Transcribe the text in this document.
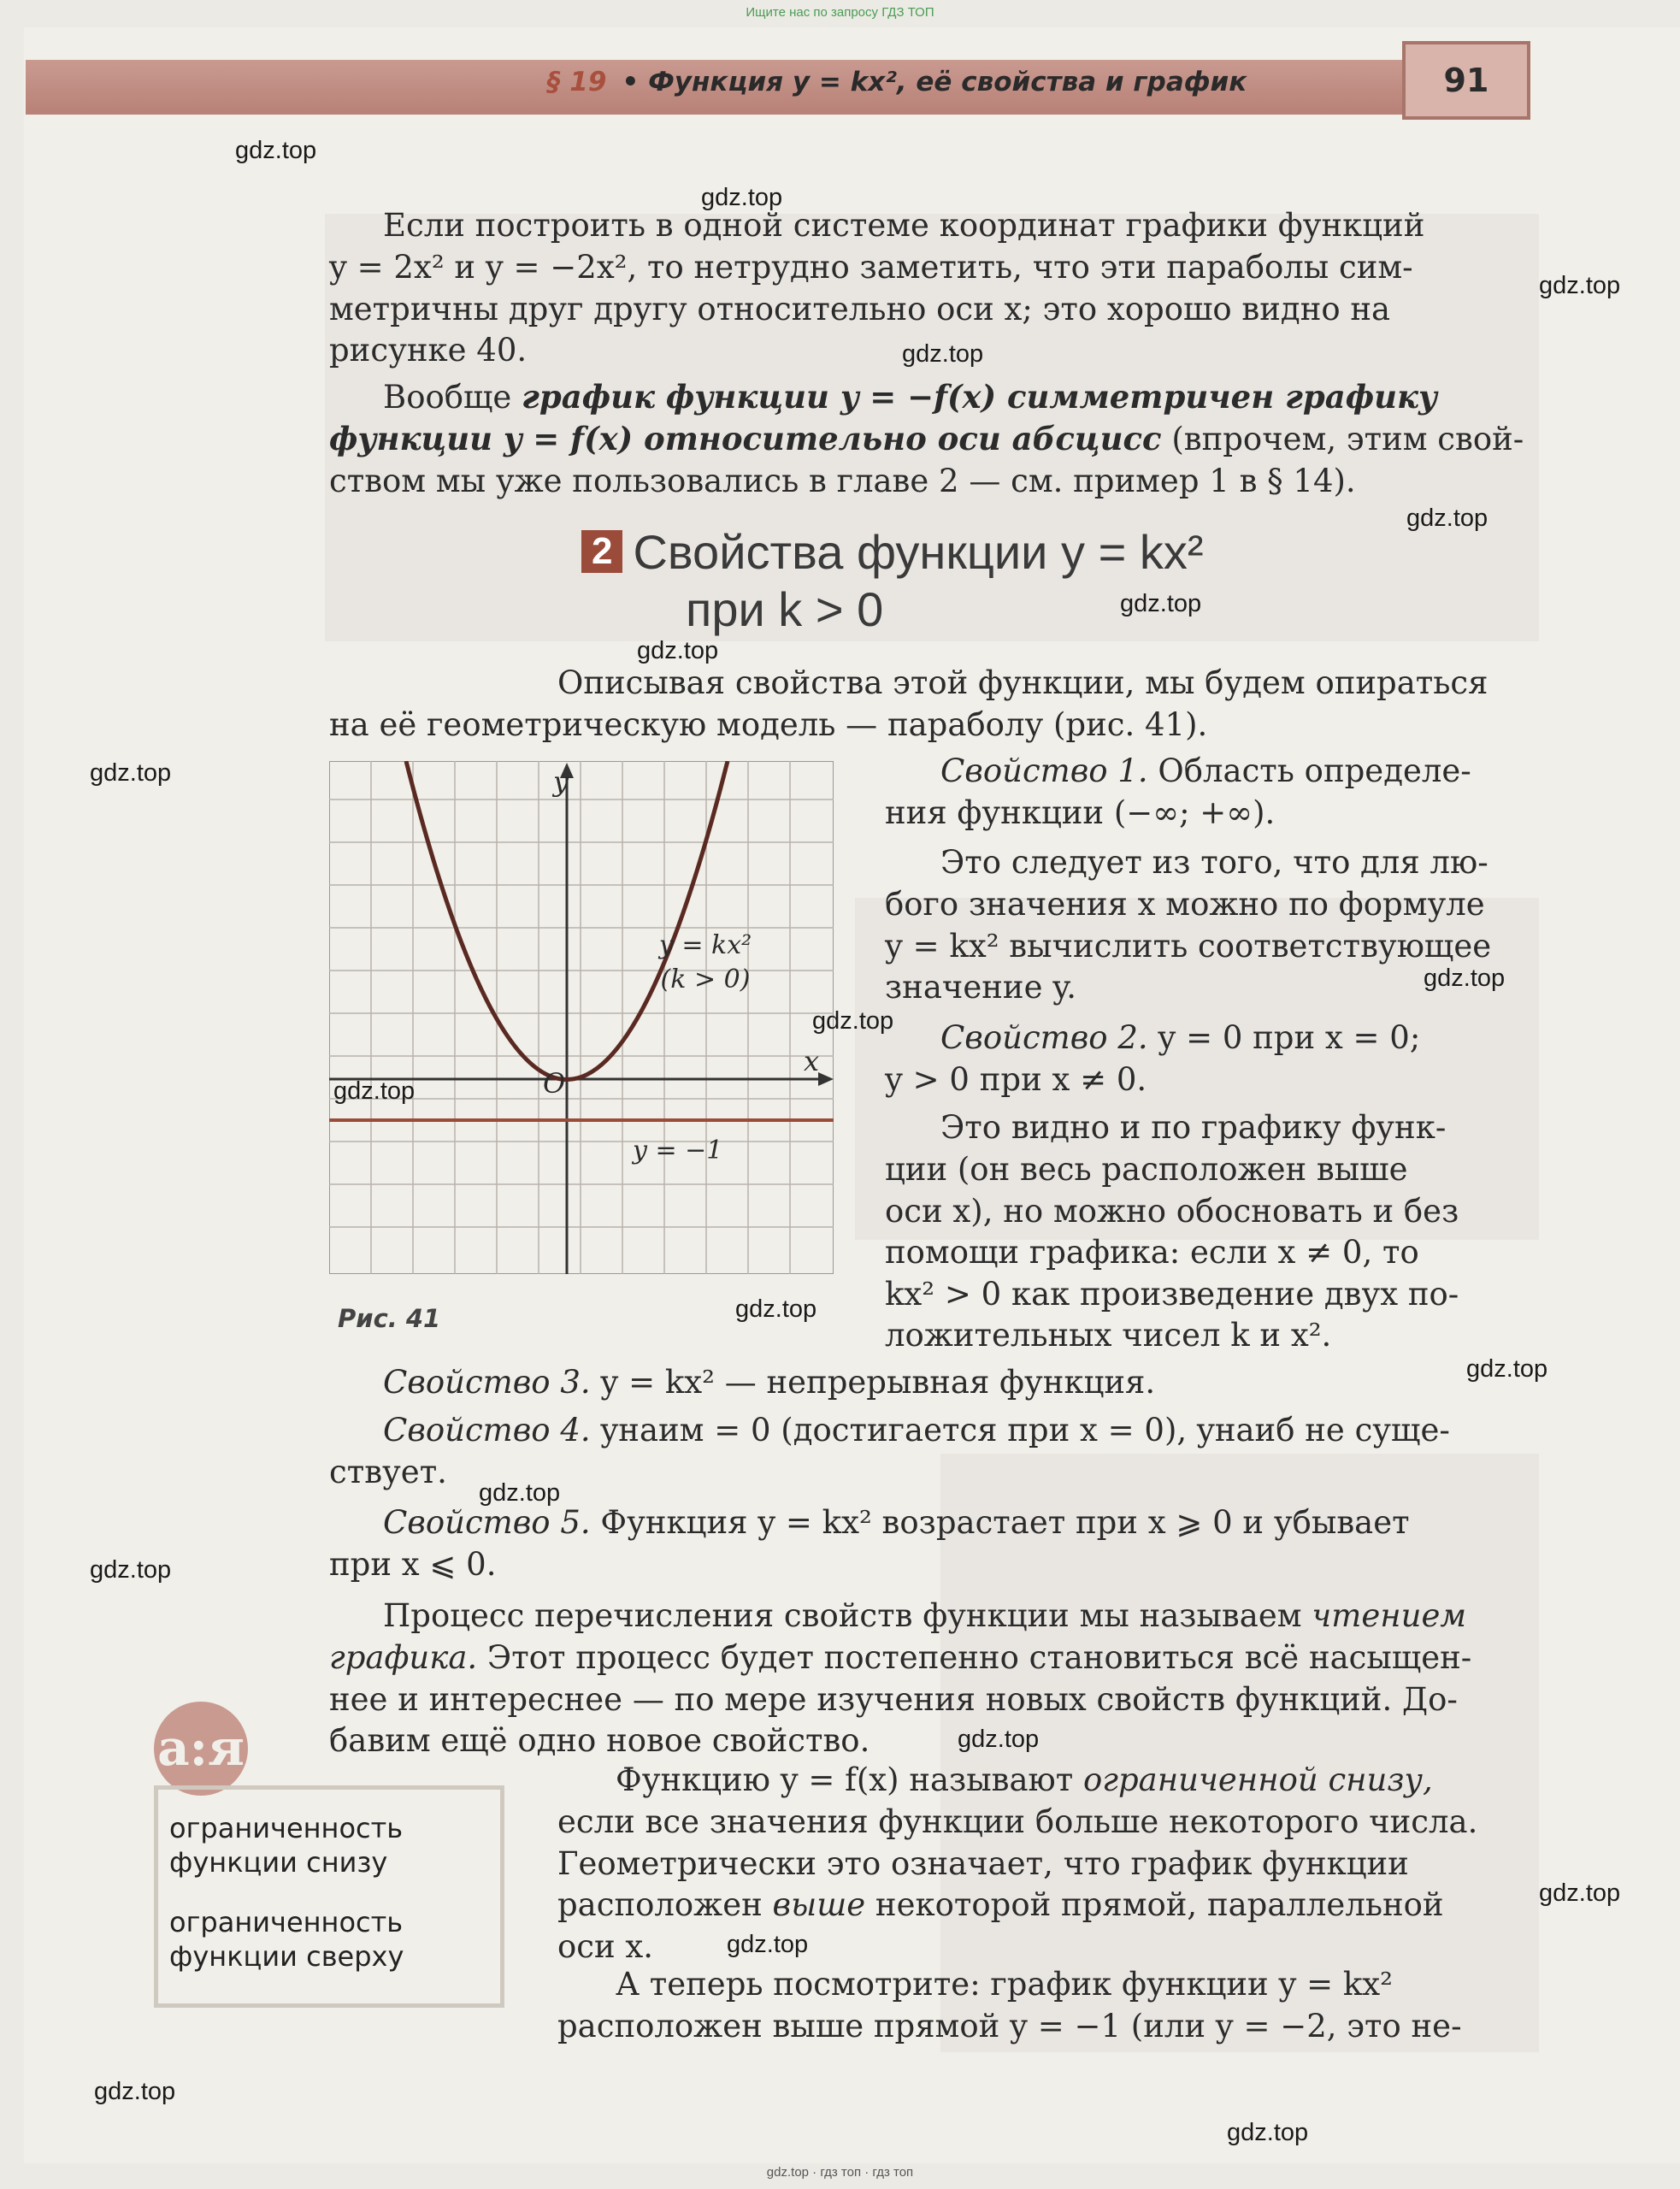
Ищите нас по запросу ГДЗ ТОП
§ 19 • Функция y = kx², её свойства и график	91
Если построить в одной системе координат графики функций
y = 2x² и y = −2x², то нетрудно заметить, что эти параболы сим-
метричны друг другу относительно оси x; это хорошо видно на
рисунке 40.
Вообще график функции y = −f(x) симметричен графику
функции y = f(x) относительно оси абсцисс (впрочем, этим свой-
ством мы уже пользовались в главе 2 — см. пример 1 в § 14).
2 Свойства функции y = kx²
при k > 0
Описывая свойства этой функции, мы будем опираться
на её геометрическую модель — параболу (рис. 41).
y
x
O
y = kx²
(k > 0)
y = −1
Рис. 41
Свойство 1. Область определе-
ния функции (−∞; +∞).
Это следует из того, что для лю-
бого значения x можно по формуле
y = kx² вычислить соответствующее
значение y.
Свойство 2. y = 0 при x = 0;
y > 0 при x ≠ 0.
Это видно и по графику функ-
ции (он весь расположен выше
оси x), но можно обосновать и без
помощи графика: если x ≠ 0, то
kx² > 0 как произведение двух по-
ложительных чисел k и x².
Свойство 3. y = kx² — непрерывная функция.
Свойство 4. yнаим = 0 (достигается при x = 0), yнаиб не суще-
ствует.
Свойство 5. Функция y = kx² возрастает при x ⩾ 0 и убывает
при x ⩽ 0.
Процесс перечисления свойств функции мы называем чтением
графика. Этот процесс будет постепенно становиться всё насыщен-
нее и интереснее — по мере изучения новых свойств функций. До-
бавим ещё одно новое свойство.
a:я
ограниченность
функции снизу
ограниченность
функции сверху
Функцию y = f(x) называют ограниченной снизу,
если все значения функции больше некоторого числа.
Геометрически это означает, что график функции
расположен выше некоторой прямой, параллельной
оси x.
А теперь посмотрите: график функции y = kx²
расположен выше прямой y = −1 (или y = −2, это не-
gdz.top
gdz.top
gdz.top
gdz.top
gdz.top
gdz.top
gdz.top
gdz.top
gdz.top
gdz.top
gdz.top
gdz.top
gdz.top
gdz.top
gdz.top
gdz.top
gdz.top
gdz.top
gdz.top
gdz.top
gdz.top · гдз топ · гдз топ
